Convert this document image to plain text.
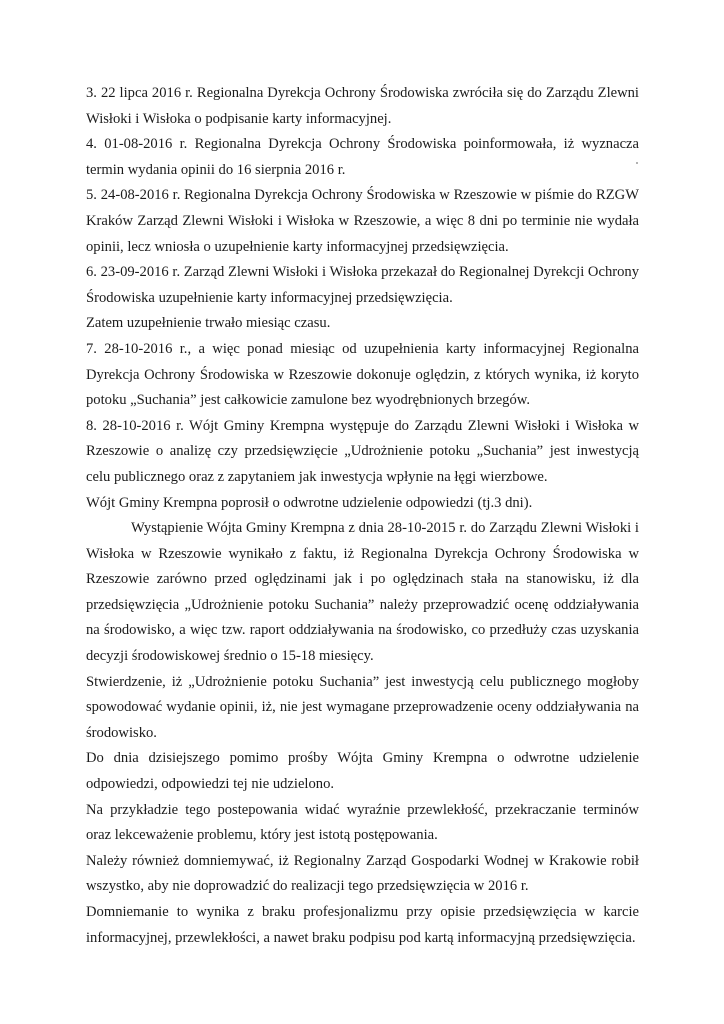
3. 22 lipca 2016 r. Regionalna Dyrekcja Ochrony Środowiska zwróciła się do Zarządu Zlewni Wisłoki i Wisłoka o podpisanie karty informacyjnej.

4. 01-08-2016 r. Regionalna Dyrekcja Ochrony Środowiska poinformowała, iż wyznacza termin wydania opinii do 16 sierpnia 2016 r.

5. 24-08-2016 r. Regionalna Dyrekcja Ochrony Środowiska w Rzeszowie w piśmie do RZGW Kraków Zarząd Zlewni Wisłoki i Wisłoka w Rzeszowie, a więc 8 dni po terminie nie wydała opinii, lecz wniosła o uzupełnienie karty informacyjnej przedsięwzięcia.

6. 23-09-2016 r. Zarząd Zlewni Wisłoki i Wisłoka przekazał do Regionalnej Dyrekcji Ochrony Środowiska uzupełnienie karty informacyjnej przedsięwzięcia.

Zatem uzupełnienie trwało miesiąc czasu.

7. 28-10-2016 r., a więc ponad miesiąc od uzupełnienia karty informacyjnej Regionalna Dyrekcja Ochrony Środowiska w Rzeszowie dokonuje oględzin, z których wynika, iż koryto potoku „Suchania” jest całkowicie zamulone bez wyodrębnionych brzegów.

8. 28-10-2016 r. Wójt Gminy Krempna występuje do Zarządu Zlewni Wisłoki i Wisłoka w Rzeszowie o analizę czy przedsięwzięcie „Udrożnienie potoku „Suchania” jest inwestycją celu publicznego oraz z zapytaniem jak inwestycja wpłynie na łęgi wierzbowe.

Wójt Gminy Krempna poprosił o odwrotne udzielenie odpowiedzi (tj.3 dni).

Wystąpienie Wójta Gminy Krempna z dnia 28-10-2015 r. do Zarządu Zlewni Wisłoki i Wisłoka w Rzeszowie wynikało z faktu, iż Regionalna Dyrekcja Ochrony Środowiska w Rzeszowie zarówno przed oględzinami jak i po oględzinach stała na stanowisku, iż dla przedsięwzięcia „Udrożnienie potoku Suchania” należy przeprowadzić ocenę oddziaływania na środowisko, a więc tzw. raport oddziaływania na środowisko, co przedłuży czas uzyskania decyzji środowiskowej średnio o 15-18 miesięcy.

Stwierdzenie, iż „Udrożnienie potoku Suchania” jest inwestycją celu publicznego mogłoby spowodować wydanie opinii, iż, nie jest wymagane przeprowadzenie oceny oddziaływania na środowisko.

Do dnia dzisiejszego pomimo prośby Wójta Gminy Krempna o odwrotne udzielenie odpowiedzi, odpowiedzi tej nie udzielono.

Na przykładzie tego postepowania widać wyraźnie przewlekłość, przekraczanie terminów oraz lekceważenie problemu, który jest istotą postępowania.

Należy również domniemywać, iż Regionalny Zarząd Gospodarki Wodnej w Krakowie robił wszystko, aby nie doprowadzić do realizacji tego przedsięwzięcia w 2016 r.

Domniemanie to wynika z braku profesjonalizmu przy opisie przedsięwzięcia w karcie informacyjnej, przewlekłości, a nawet braku podpisu pod kartą informacyjną przedsięwzięcia.
